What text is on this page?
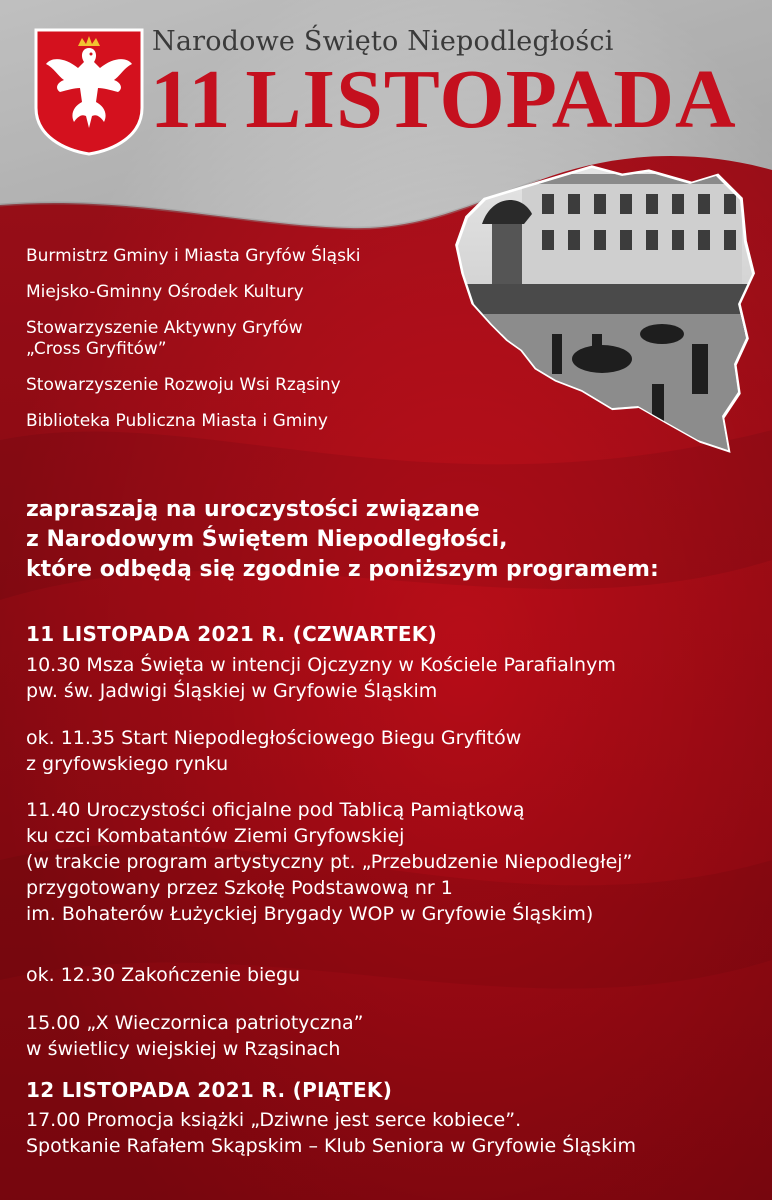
Narodowe Święto Niepodległości
11 LISTOPADA
Burmistrz Gminy i Miasta Gryfów Śląski
Miejsko-Gminny Ośrodek Kultury
Stowarzyszenie Aktywny Gryfów
„Cross Gryfitów”
Stowarzyszenie Rozwoju Wsi Rząsiny
Biblioteka Publiczna Miasta i Gminy
zapraszają na uroczystości związane
z Narodowym Świętem Niepodległości,
które odbędą się zgodnie z poniższym programem:
11 LISTOPADA 2021 R. (CZWARTEK)
10.30 Msza Święta w intencji Ojczyzny w Kościele Parafialnym
pw. św. Jadwigi Śląskiej w Gryfowie Śląskim
ok. 11.35 Start Niepodległościowego Biegu Gryfitów
z gryfowskiego rynku
11.40 Uroczystości oficjalne pod Tablicą Pamiątkową
ku czci Kombatantów Ziemi Gryfowskiej
(w trakcie program artystyczny pt. „Przebudzenie Niepodległej”
przygotowany przez Szkołę Podstawową nr 1
im. Bohaterów Łużyckiej Brygady WOP w Gryfowie Śląskim)
ok. 12.30 Zakończenie biegu
15.00 „X Wieczornica patriotyczna”
w świetlicy wiejskiej w Rząsinach
12 LISTOPADA 2021 R. (PIĄTEK)
17.00 Promocja książki „Dziwne jest serce kobiece”.
Spotkanie Rafałem Skąpskim – Klub Seniora w Gryfowie Śląskim
